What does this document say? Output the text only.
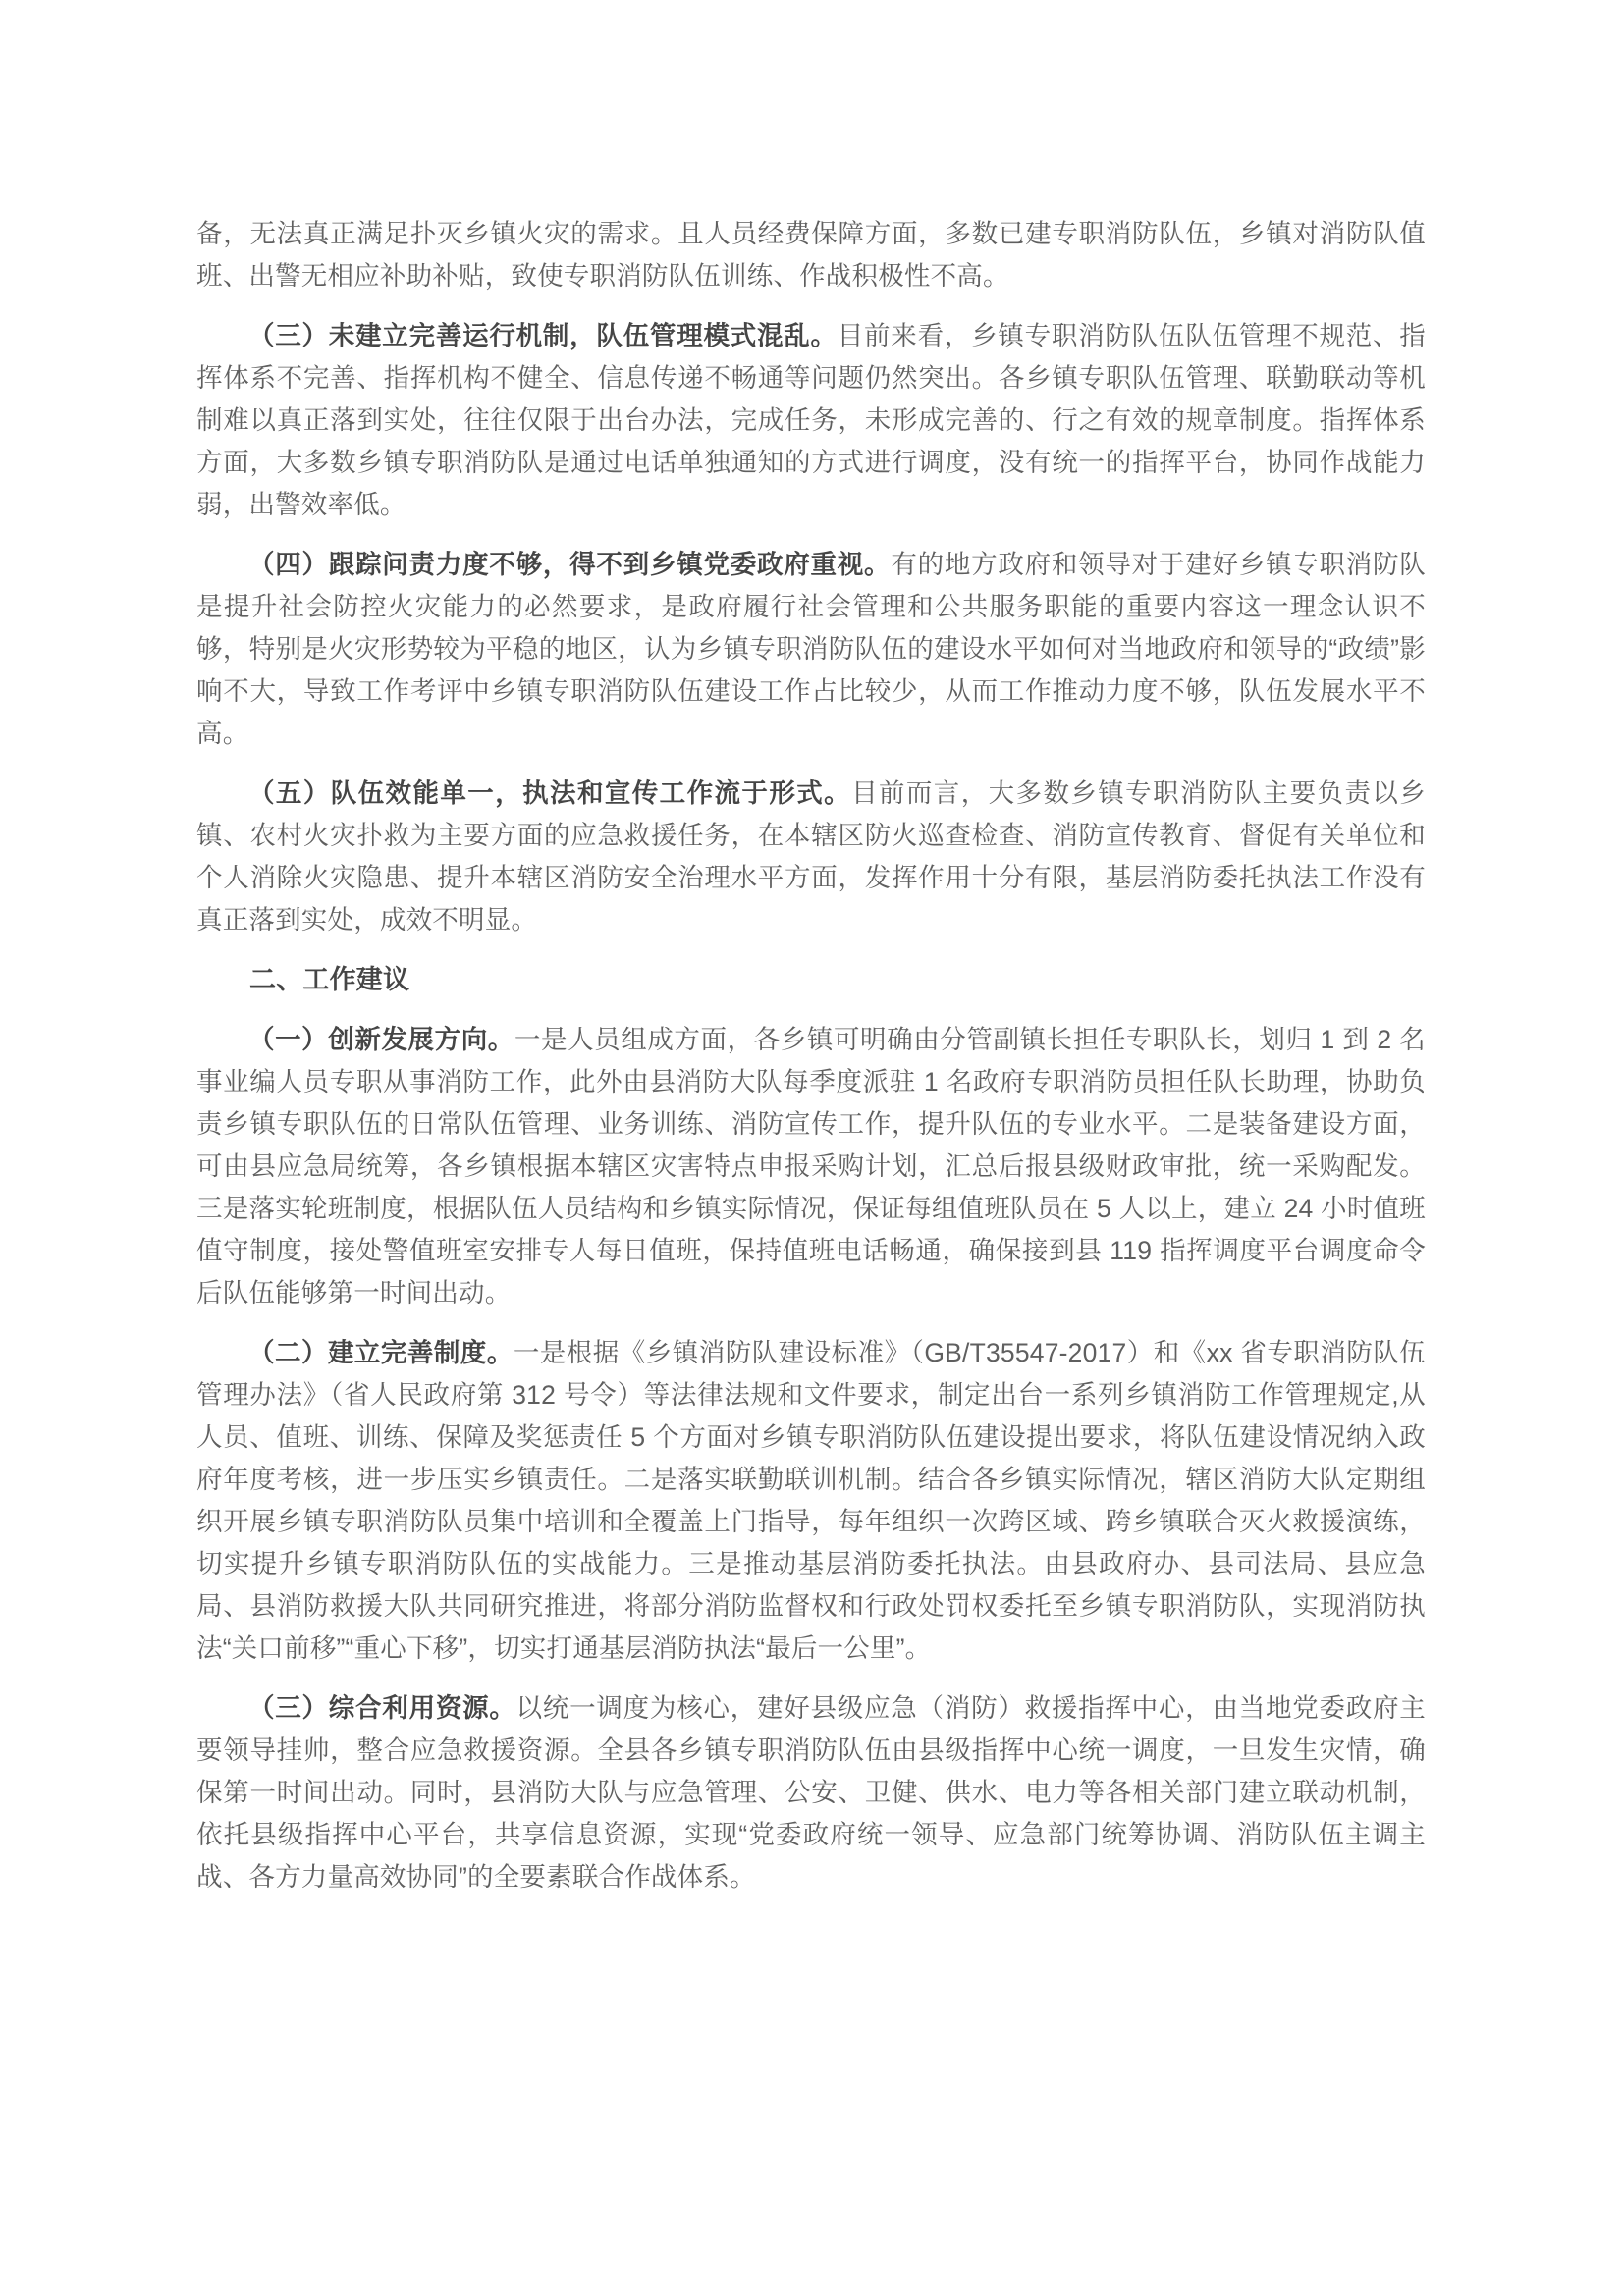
备，无法真正满足扑灭乡镇火灾的需求。且人员经费保障方面，多数已建专职消防队伍，乡镇对消防队值班、出警无相应补助补贴，致使专职消防队伍训练、作战积极性不高。

（三）未建立完善运行机制，队伍管理模式混乱。目前来看，乡镇专职消防队伍队伍管理不规范、指挥体系不完善、指挥机构不健全、信息传递不畅通等问题仍然突出。各乡镇专职队伍管理、联勤联动等机制难以真正落到实处，往往仅限于出台办法，完成任务，未形成完善的、行之有效的规章制度。指挥体系方面，大多数乡镇专职消防队是通过电话单独通知的方式进行调度，没有统一的指挥平台，协同作战能力弱，出警效率低。

（四）跟踪问责力度不够，得不到乡镇党委政府重视。有的地方政府和领导对于建好乡镇专职消防队是提升社会防控火灾能力的必然要求，是政府履行社会管理和公共服务职能的重要内容这一理念认识不够，特别是火灾形势较为平稳的地区，认为乡镇专职消防队伍的建设水平如何对当地政府和领导的“政绩”影响不大，导致工作考评中乡镇专职消防队伍建设工作占比较少，从而工作推动力度不够，队伍发展水平不高。

（五）队伍效能单一，执法和宣传工作流于形式。目前而言，大多数乡镇专职消防队主要负责以乡镇、农村火灾扑救为主要方面的应急救援任务，在本辖区防火巡查检查、消防宣传教育、督促有关单位和个人消除火灾隐患、提升本辖区消防安全治理水平方面，发挥作用十分有限，基层消防委托执法工作没有真正落到实处，成效不明显。

二、工作建议

（一）创新发展方向。一是人员组成方面，各乡镇可明确由分管副镇长担任专职队长，划归 1 到 2 名事业编人员专职从事消防工作，此外由县消防大队每季度派驻 1 名政府专职消防员担任队长助理，协助负责乡镇专职队伍的日常队伍管理、业务训练、消防宣传工作，提升队伍的专业水平。二是装备建设方面，可由县应急局统筹，各乡镇根据本辖区灾害特点申报采购计划，汇总后报县级财政审批，统一采购配发。三是落实轮班制度，根据队伍人员结构和乡镇实际情况，保证每组值班队员在 5 人以上，建立 24 小时值班值守制度，接处警值班室安排专人每日值班，保持值班电话畅通，确保接到县 119 指挥调度平台调度命令后队伍能够第一时间出动。

（二）建立完善制度。一是根据《乡镇消防队建设标准》（GB/T35547-2017）和《xx 省专职消防队伍管理办法》（省人民政府第 312 号令）等法律法规和文件要求，制定出台一系列乡镇消防工作管理规定,从人员、值班、训练、保障及奖惩责任 5 个方面对乡镇专职消防队伍建设提出要求，将队伍建设情况纳入政府年度考核，进一步压实乡镇责任。二是落实联勤联训机制。结合各乡镇实际情况，辖区消防大队定期组织开展乡镇专职消防队员集中培训和全覆盖上门指导，每年组织一次跨区域、跨乡镇联合灭火救援演练，切实提升乡镇专职消防队伍的实战能力。三是推动基层消防委托执法。由县政府办、县司法局、县应急局、县消防救援大队共同研究推进，将部分消防监督权和行政处罚权委托至乡镇专职消防队，实现消防执法“关口前移”“重心下移”，切实打通基层消防执法“最后一公里”。

（三）综合利用资源。以统一调度为核心，建好县级应急（消防）救援指挥中心，由当地党委政府主要领导挂帅，整合应急救援资源。全县各乡镇专职消防队伍由县级指挥中心统一调度，一旦发生灾情，确保第一时间出动。同时，县消防大队与应急管理、公安、卫健、供水、电力等各相关部门建立联动机制，依托县级指挥中心平台，共享信息资源，实现“党委政府统一领导、应急部门统筹协调、消防队伍主调主战、各方力量高效协同”的全要素联合作战体系。
